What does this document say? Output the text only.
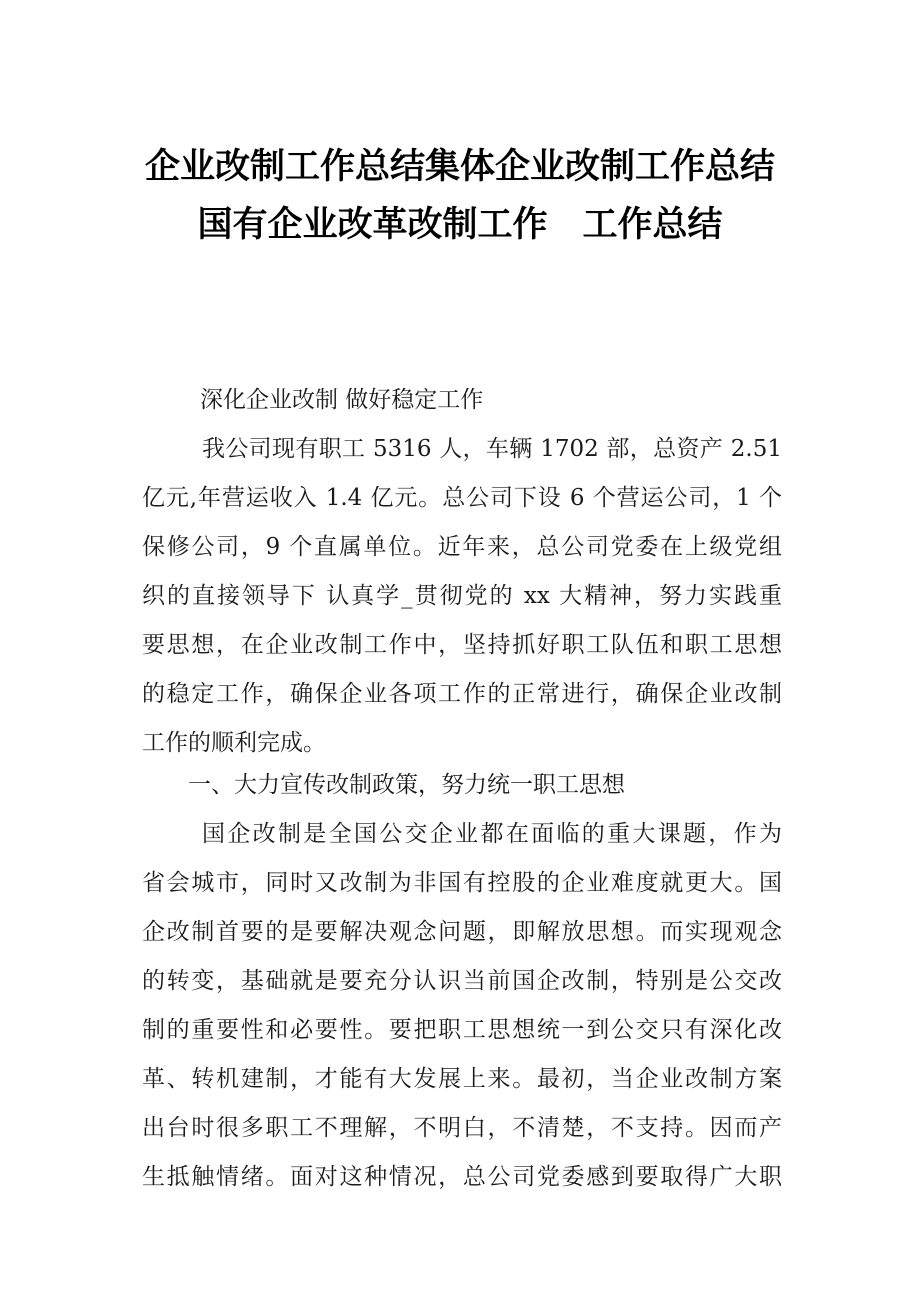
企业改制工作总结集体企业改制工作总结
国有企业改革改制工作　工作总结
深化企业改制 做好稳定工作
我公司现有职工 5316 人，车辆 1702 部，总资产 2.51
亿元,年营运收入 1.4 亿元。总公司下设 6 个营运公司，1 个
保修公司，9 个直属单位。近年来，总公司党委在上级党组
织的直接领导下 认真学_贯彻党的 xx 大精神，努力实践重
要思想，在企业改制工作中，坚持抓好职工队伍和职工思想
的稳定工作，确保企业各项工作的正常进行，确保企业改制
工作的顺利完成。
一、大力宣传改制政策，努力统一职工思想
国企改制是全国公交企业都在面临的重大课题，作为
省会城市，同时又改制为非国有控股的企业难度就更大。国
企改制首要的是要解决观念问题，即解放思想。而实现观念
的转变，基础就是要充分认识当前国企改制，特别是公交改
制的重要性和必要性。要把职工思想统一到公交只有深化改
革、转机建制，才能有大发展上来。最初，当企业改制方案
出台时很多职工不理解，不明白，不清楚，不支持。因而产
生抵触情绪。面对这种情况，总公司党委感到要取得广大职
